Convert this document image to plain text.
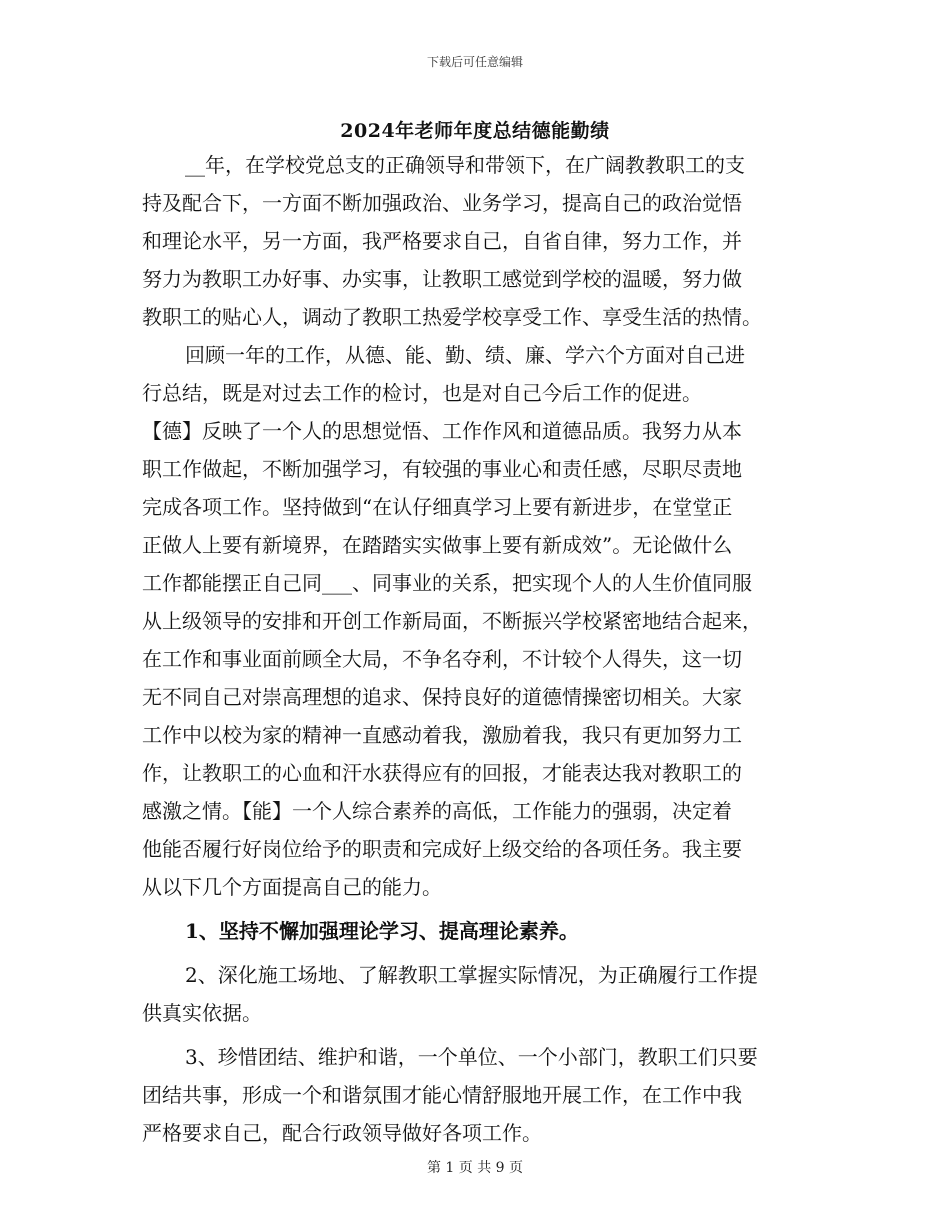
下载后可任意编辑
2024年老师年度总结德能勤绩
__年，在学校党总支的正确领导和带领下，在广阔教教职工的支
持及配合下，一方面不断加强政治、业务学习，提高自己的政治觉悟
和理论水平，另一方面，我严格要求自己，自省自律，努力工作，并
努力为教职工办好事、办实事，让教职工感觉到学校的温暖，努力做
教职工的贴心人，调动了教职工热爱学校享受工作、享受生活的热情。
回顾一年的工作，从德、能、勤、绩、廉、学六个方面对自己进
行总结，既是对过去工作的检讨，也是对自己今后工作的促进。
【德】反映了一个人的思想觉悟、工作作风和道德品质。我努力从本
职工作做起，不断加强学习，有较强的事业心和责任感，尽职尽责地
完成各项工作。坚持做到“在认仔细真学习上要有新进步，在堂堂正
正做人上要有新境界，在踏踏实实做事上要有新成效”。无论做什么
工作都能摆正自己同___、同事业的关系，把实现个人的人生价值同服
从上级领导的安排和开创工作新局面，不断振兴学校紧密地结合起来，
在工作和事业面前顾全大局，不争名夺利，不计较个人得失，这一切
无不同自己对崇高理想的追求、保持良好的道德情操密切相关。大家
工作中以校为家的精神一直感动着我，激励着我，我只有更加努力工
作，让教职工的心血和汗水获得应有的回报，才能表达我对教职工的
感激之情。【能】一个人综合素养的高低，工作能力的强弱，决定着
他能否履行好岗位给予的职责和完成好上级交给的各项任务。我主要
从以下几个方面提高自己的能力。
1、坚持不懈加强理论学习、提高理论素养。
2、深化施工场地、了解教职工掌握实际情况，为正确履行工作提
供真实依据。
3、珍惜团结、维护和谐，一个单位、一个小部门，教职工们只要
团结共事，形成一个和谐氛围才能心情舒服地开展工作，在工作中我
严格要求自己，配合行政领导做好各项工作。
第 1 页 共 9 页
